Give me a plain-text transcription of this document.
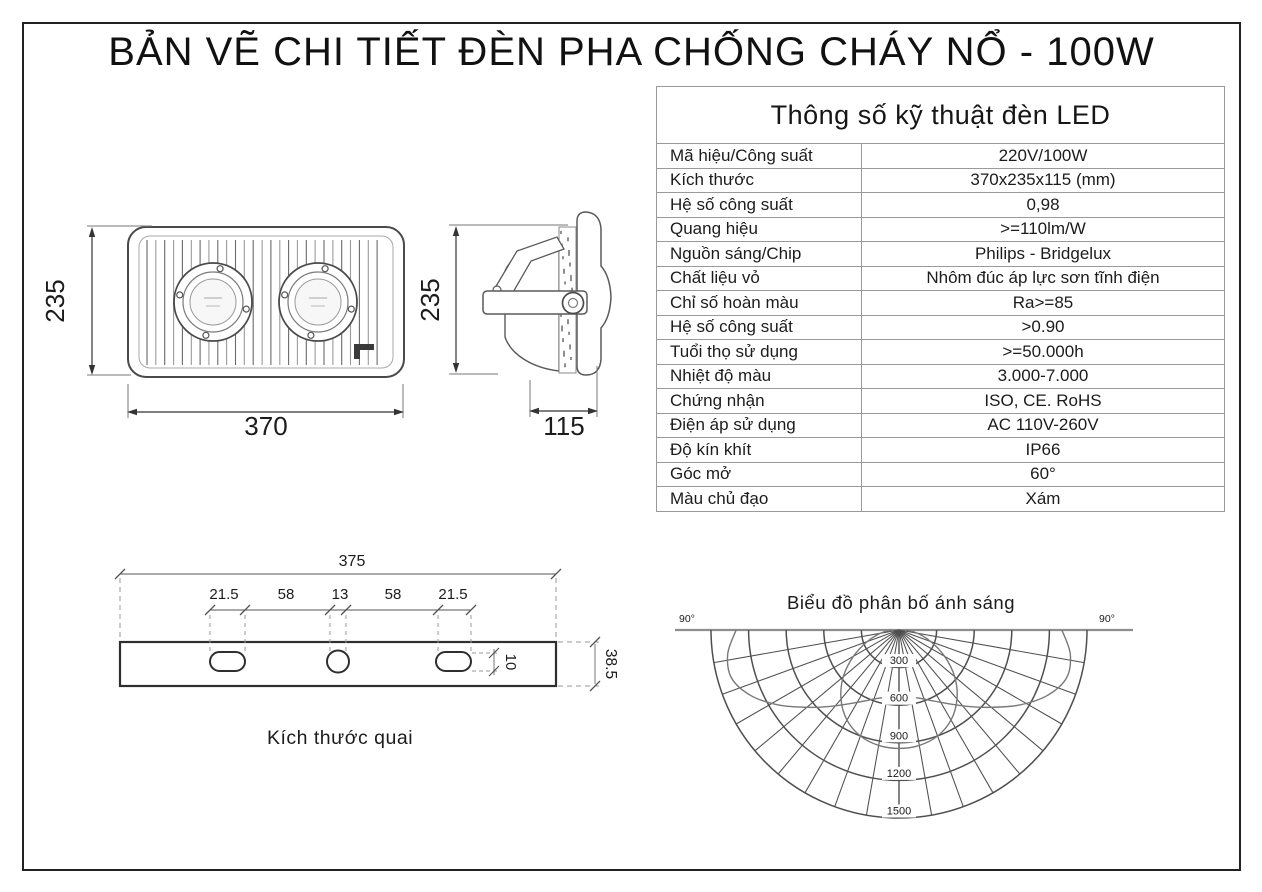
BẢN VẼ CHI TIẾT ĐÈN PHA CHỐNG CHÁY NỔ - 100W
235
370
235
115
375
21.5	58 13 58 21.5
38.5
10
Kích thước quai
Biểu đồ phân bố ánh sáng
90°	90°
300
600
900
1200
1500
Thông số kỹ thuật đèn LED
Mã hiệu/Công suất	220V/100W
Kích thước	370x235x115 (mm)
Hệ số công suất	0,98
Quang hiệu	>=110lm/W
Nguồn sáng/Chip	Philips - Bridgelux
Chất liệu vỏ	Nhôm đúc áp lực sơn tĩnh điện
Chỉ số hoàn màu	Ra>=85
Hệ số công suất	>0.90
Tuổi thọ sử dụng	>=50.000h
Nhiệt độ màu	3.000-7.000
Chứng nhận	ISO, CE. RoHS
Điện áp sử dụng	AC 110V-260V
Độ kín khít	IP66
Góc mở	60°
Màu chủ đạo	Xám
